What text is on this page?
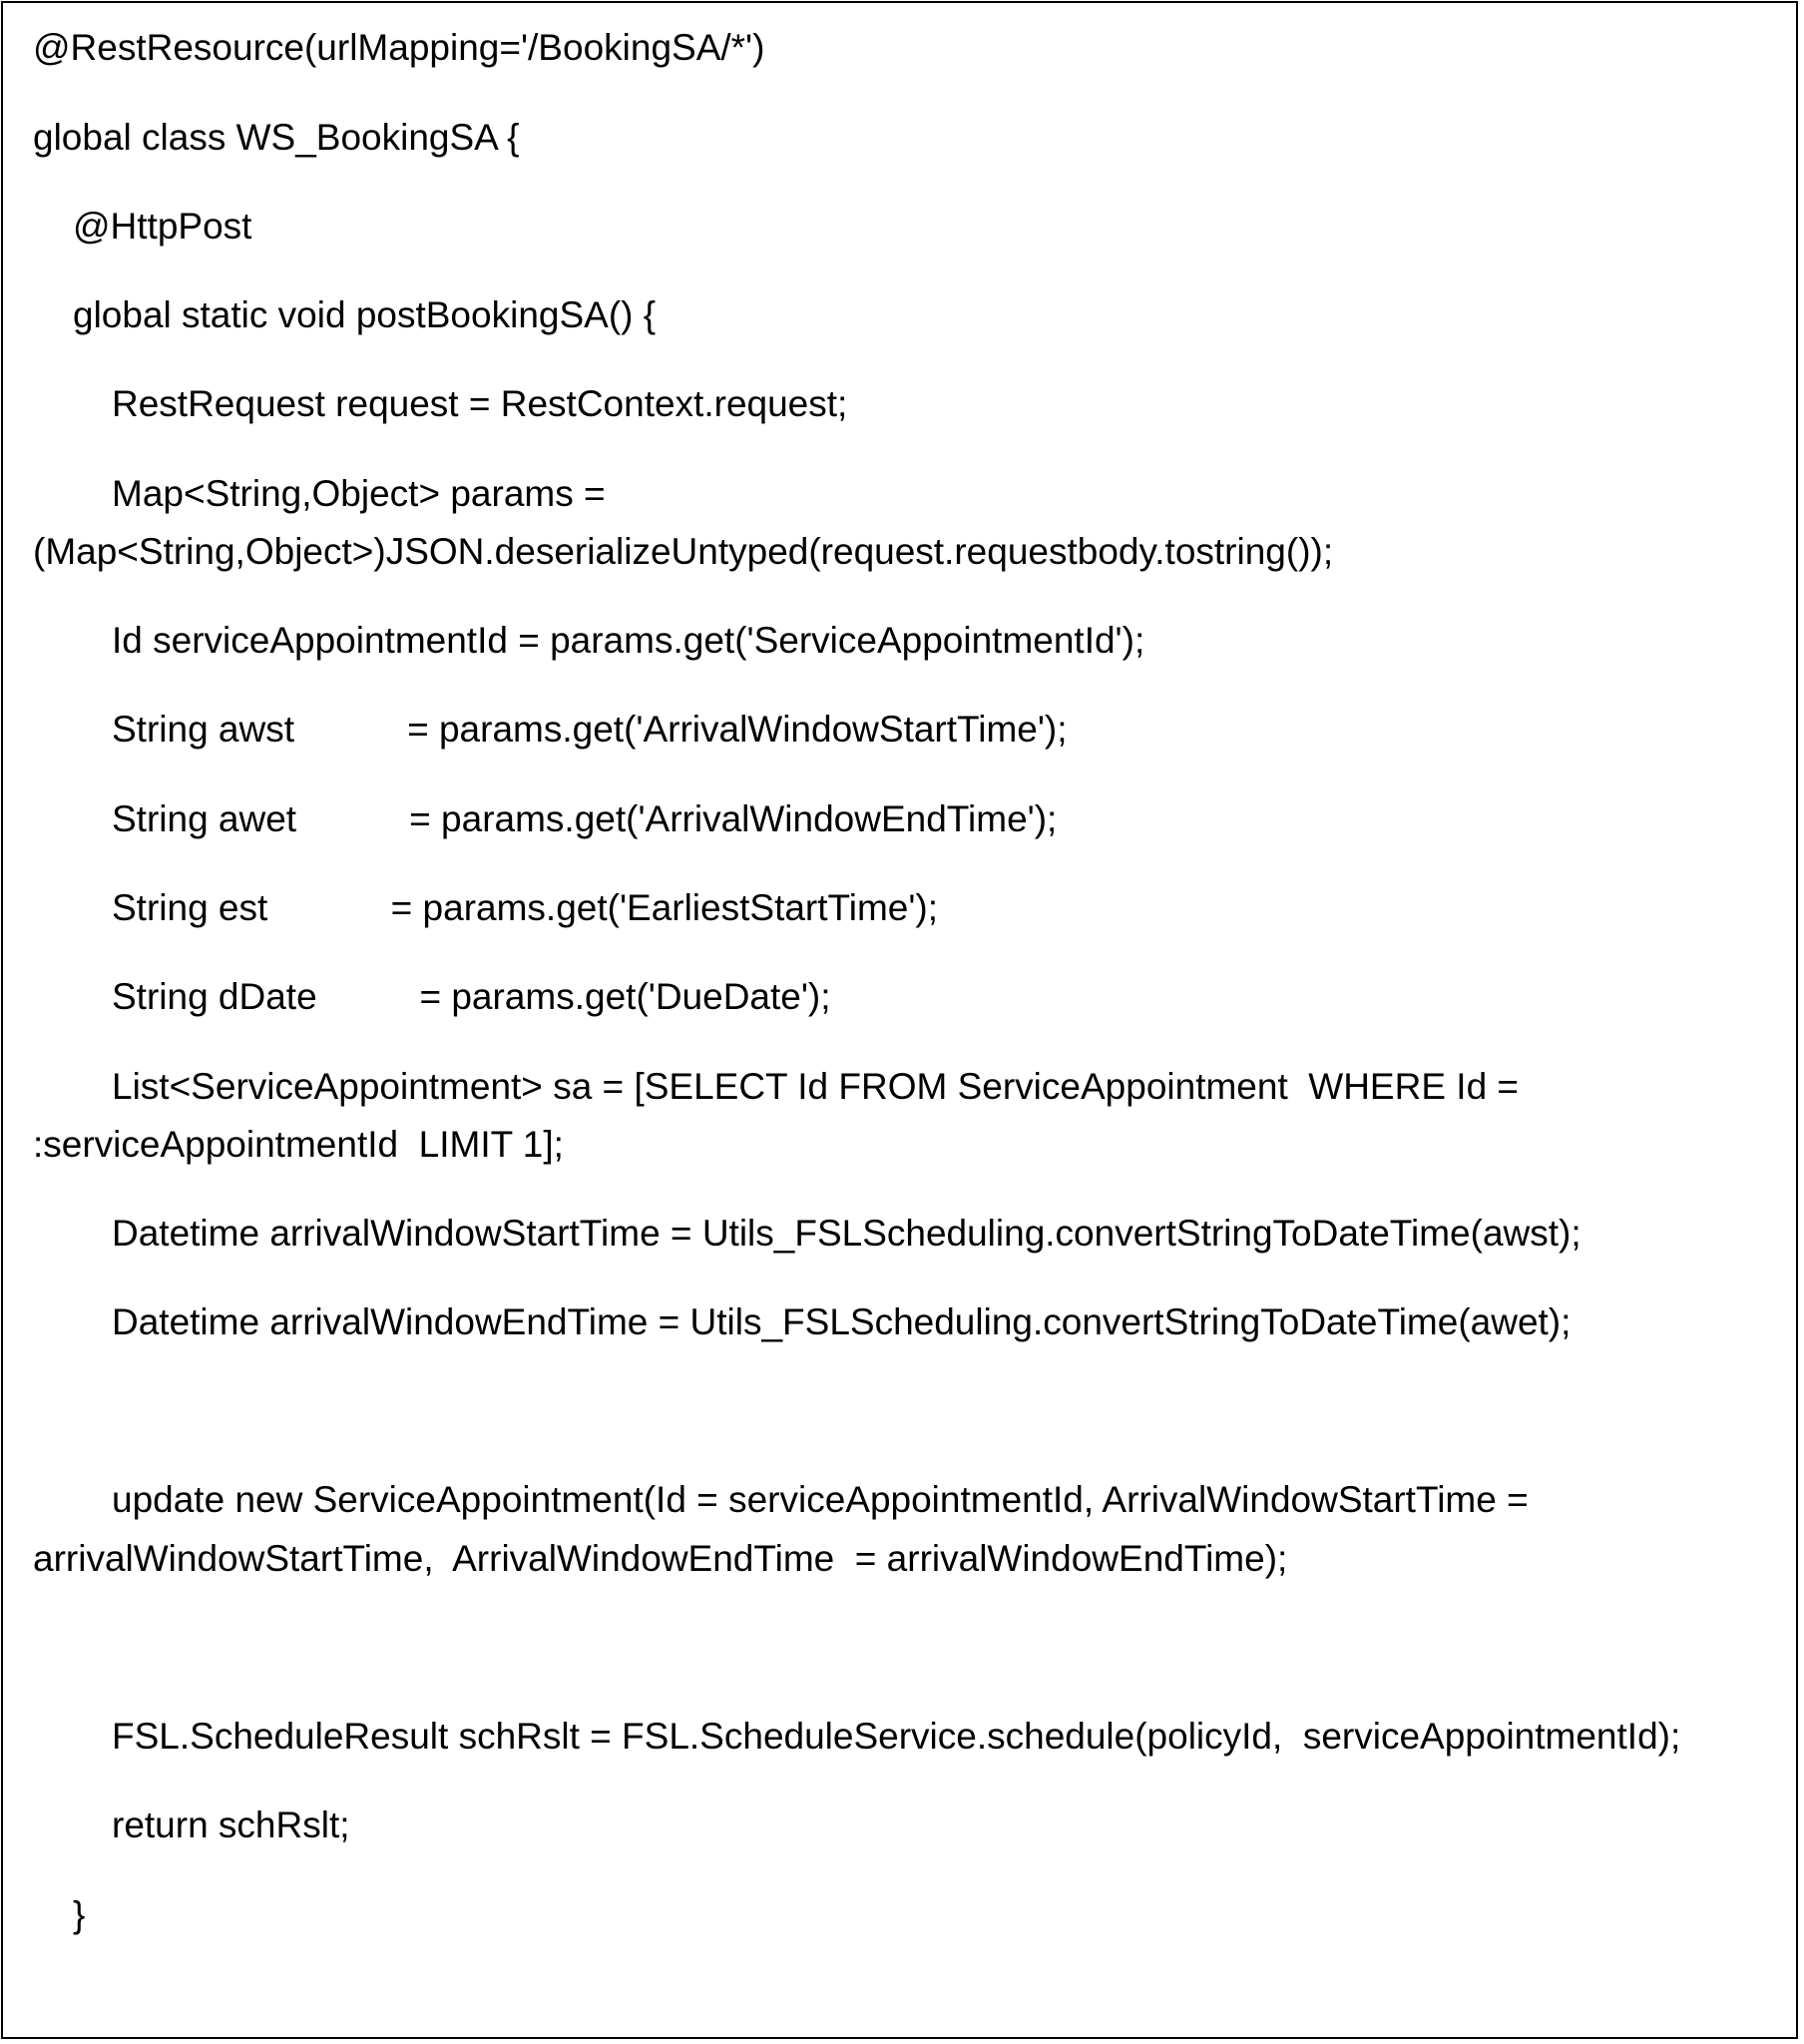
@RestResource(urlMapping='/BookingSA/*')

global class WS_BookingSA {

@HttpPost

global static void postBookingSA() {

RestRequest request = RestContext.request;

Map<String,Object> params =

(Map<String,Object>)JSON.deserializeUntyped(request.requestbody.tostring());

Id serviceAppointmentId = params.get('ServiceAppointmentId');

String awst           = params.get('ArrivalWindowStartTime');

String awet           = params.get('ArrivalWindowEndTime');

String est            = params.get('EarliestStartTime');

String dDate          = params.get('DueDate');

List<ServiceAppointment> sa = [SELECT Id FROM ServiceAppointment  WHERE Id =

:serviceAppointmentId  LIMIT 1];

Datetime arrivalWindowStartTime = Utils_FSLScheduling.convertStringToDateTime(awst);

Datetime arrivalWindowEndTime = Utils_FSLScheduling.convertStringToDateTime(awet);

update new ServiceAppointment(Id = serviceAppointmentId, ArrivalWindowStartTime =

arrivalWindowStartTime,  ArrivalWindowEndTime  = arrivalWindowEndTime);

FSL.ScheduleResult schRslt = FSL.ScheduleService.schedule(policyId,  serviceAppointmentId);

return schRslt;

}
